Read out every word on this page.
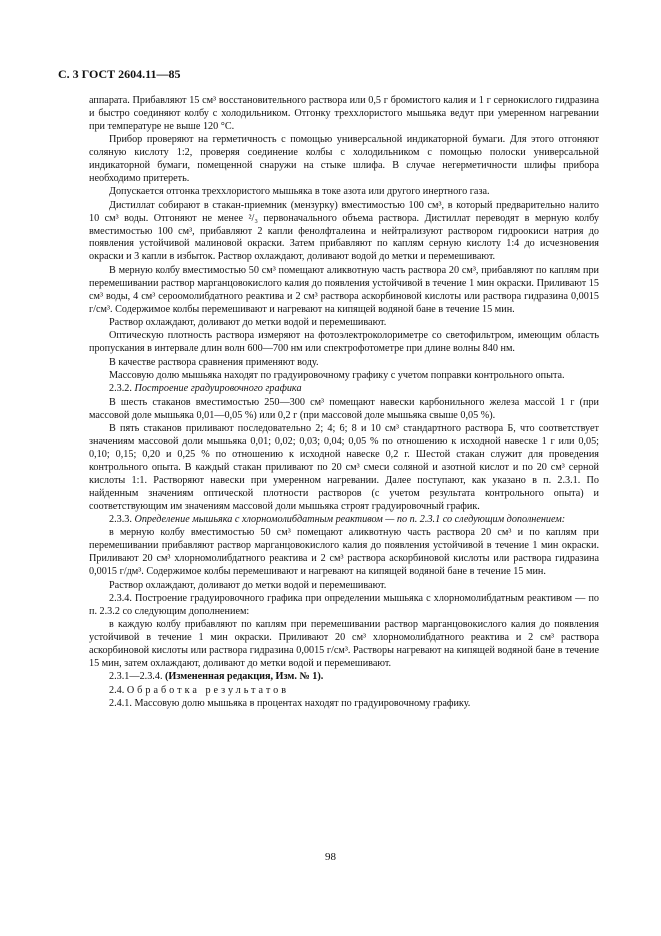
С. 3 ГОСТ 2604.11—85

аппарата. Прибавляют 15 см³ восстановительного раствора или 0,5 г бромистого калия и 1 г сернокислого гидразина и быстро соединяют колбу с холодильником. Отгонку треххлористого мышьяка ведут при умеренном нагревании при температуре не выше 120 °С.

Прибор проверяют на герметичность с помощью универсальной индикаторной бумаги. Для этого отгоняют соляную кислоту 1:2, проверяя соединение колбы с холодильником с помощью полоски универсальной индикаторной бумаги, помещенной снаружи на стыке шлифа. В случае негерметичности шлифы прибора необходимо притереть.

Допускается отгонка треххлористого мышьяка в токе азота или другого инертного газа.

Дистиллат собирают в стакан-приемник (мензурку) вместимостью 100 см³, в который предварительно налито 10 см³ воды. Отгоняют не менее ²/₃ первоначального объема раствора. Дистиллат переводят в мерную колбу вместимостью 100 см³, прибавляют 2 капли фенолфталеина и нейтрализуют раствором гидроокиси натрия до появления устойчивой малиновой окраски. Затем прибавляют по каплям серную кислоту 1:4 до исчезновения окраски и 3 капли в избыток. Раствор охлаждают, доливают водой до метки и перемешивают.

В мерную колбу вместимостью 50 см³ помещают аликвотную часть раствора 20 см³, прибавляют по каплям при перемешивании раствор марганцовокислого калия до появления устойчивой в течение 1 мин окраски. Приливают 15 см³ воды, 4 см³ сероомолибдатного реактива и 2 см³ раствора аскорбиновой кислоты или раствора гидразина 0,0015 г/см³. Содержимое колбы перемешивают и нагревают на кипящей водяной бане в течение 15 мин.

Раствор охлаждают, доливают до метки водой и перемешивают.

Оптическую плотность раствора измеряют на фотоэлектроколориметре со светофильтром, имеющим область пропускания в интервале длин волн 600—700 нм или спектрофотометре при длине волны 840 нм.

В качестве раствора сравнения применяют воду.

Массовую долю мышьяка находят по градуировочному графику с учетом поправки контрольного опыта.

2.3.2. Построение градуировочного графика

В шесть стаканов вместимостью 250—300 см³ помещают навески карбонильного железа массой 1 г (при массовой доле мышьяка 0,01—0,05 %) или 0,2 г (при массовой доле мышьяка свыше 0,05 %).

В пять стаканов приливают последовательно 2; 4; 6; 8 и 10 см³ стандартного раствора Б, что соответствует значениям массовой доли мышьяка 0,01; 0,02; 0,03; 0,04; 0,05 % по отношению к исходной навеске 1 г или 0,05; 0,10; 0,15; 0,20 и 0,25 % по отношению к исходной навеске 0,2 г. Шестой стакан служит для проведения контрольного опыта. В каждый стакан приливают по 20 см³ смеси соляной и азотной кислот и по 20 см³ серной кислоты 1:1. Растворяют навески при умеренном нагревании. Далее поступают, как указано в п. 2.3.1. По найденным значениям оптической плотности растворов (с учетом результата контрольного опыта) и соответствующим им значениям массовой доли мышьяка строят градуировочный график.

2.3.3. Определение мышьяка с хлорномолибдатным реактивом — по п. 2.3.1 со следующим дополнением:

в мерную колбу вместимостью 50 см³ помещают аликвотную часть раствора 20 см³ и по каплям при перемешивании прибавляют раствор марганцовокислого калия до появления устойчивой в течение 1 мин окраски. Приливают 20 см³ хлорномолибдатного реактива и 2 см³ раствора аскорбиновой кислоты или раствора гидразина 0,0015 г/дм³. Содержимое колбы перемешивают и нагревают на кипящей водяной бане в течение 15 мин.

Раствор охлаждают, доливают до метки водой и перемешивают.

2.3.4. Построение градуировочного графика при определении мышьяка с хлорномолибдатным реактивом — по п. 2.3.2 со следующим дополнением:

в каждую колбу прибавляют по каплям при перемешивании раствор марганцовокислого калия до появления устойчивой в течение 1 мин окраски. Приливают 20 см³ хлорномолибдатного реактива и 2 см³ раствора аскорбиновой кислоты или раствора гидразина 0,0015 г/см³. Растворы нагревают на кипящей водяной бане в течение 15 мин, затем охлаждают, доливают до метки водой и перемешивают.

2.3.1—2.3.4. (Измененная редакция, Изм. № 1).

2.4. Обработка результатов

2.4.1. Массовую долю мышьяка в процентах находят по градуировочному графику.

98
